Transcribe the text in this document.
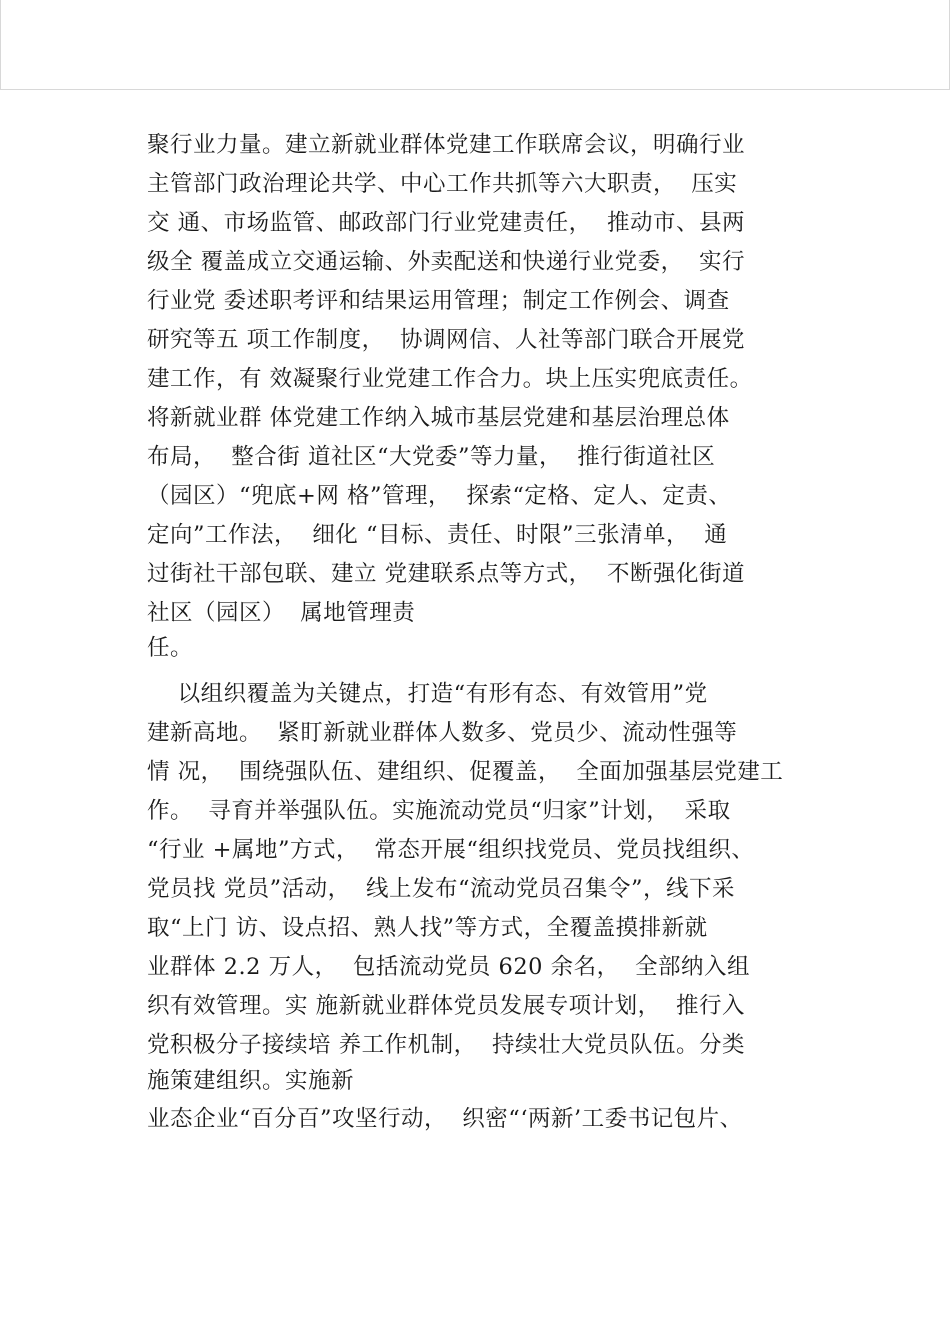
聚行业力量。建立新就业群体党建工作联席会议，明确行业

主管部门政治理论共学、中心工作共抓等六大职责，  压实

交 通、市场监管、邮政部门行业党建责任，  推动市、县两

级全 覆盖成立交通运输、外卖配送和快递行业党委，  实行

行业党 委述职考评和结果运用管理；制定工作例会、调查

研究等五 项工作制度，  协调网信、人社等部门联合开展党

建工作，有 效凝聚行业党建工作合力。块上压实兜底责任。

将新就业群 体党建工作纳入城市基层党建和基层治理总体

布局，  整合街 道社区“大党委”等力量，  推行街道社区

（园区）“兜底+网 格”管理，  探索“定格、定人、定责、

定向”工作法，  细化 “目标、责任、时限”三张清单，  通

过街社干部包联、建立 党建联系点等方式，  不断强化街道

社区（园区）  属地管理责

任。

以组织覆盖为关键点，打造“有形有态、有效管用”党

建新高地。  紧盯新就业群体人数多、党员少、流动性强等

情 况，  围绕强队伍、建组织、促覆盖，  全面加强基层党建工

作。  寻育并举强队伍。实施流动党员“归家”计划，  采取

“行业 +属地”方式，  常态开展“组织找党员、党员找组织、

党员找 党员”活动，  线上发布“流动党员召集令”，线下采

取“上门 访、设点招、熟人找”等方式，全覆盖摸排新就

业群体 2.2 万人，  包括流动党员 620 余名，  全部纳入组

织有效管理。实 施新就业群体党员发展专项计划，  推行入

党积极分子接续培 养工作机制，  持续壮大党员队伍。分类

施策建组织。实施新

业态企业“百分百”攻坚行动，  织密“‘两新’工委书记包片、
